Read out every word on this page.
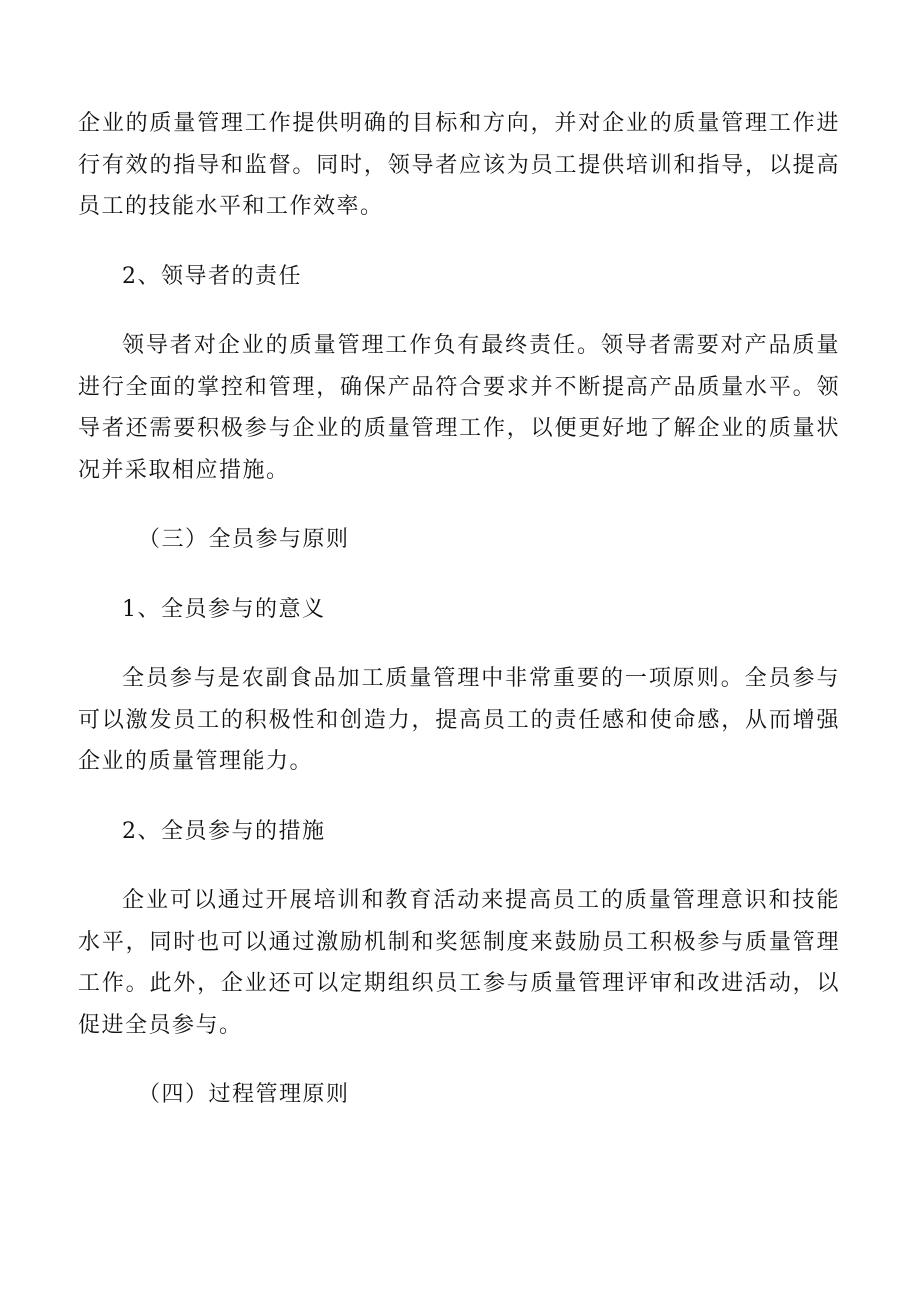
企业的质量管理工作提供明确的目标和方向，并对企业的质量管理工作进行有效的指导和监督。同时，领导者应该为员工提供培训和指导，以提高员工的技能水平和工作效率。

2、领导者的责任

领导者对企业的质量管理工作负有最终责任。领导者需要对产品质量进行全面的掌控和管理，确保产品符合要求并不断提高产品质量水平。领导者还需要积极参与企业的质量管理工作，以便更好地了解企业的质量状况并采取相应措施。

（三）全员参与原则

1、全员参与的意义

全员参与是农副食品加工质量管理中非常重要的一项原则。全员参与可以激发员工的积极性和创造力，提高员工的责任感和使命感，从而增强企业的质量管理能力。

2、全员参与的措施

企业可以通过开展培训和教育活动来提高员工的质量管理意识和技能水平，同时也可以通过激励机制和奖惩制度来鼓励员工积极参与质量管理工作。此外，企业还可以定期组织员工参与质量管理评审和改进活动，以促进全员参与。

（四）过程管理原则
